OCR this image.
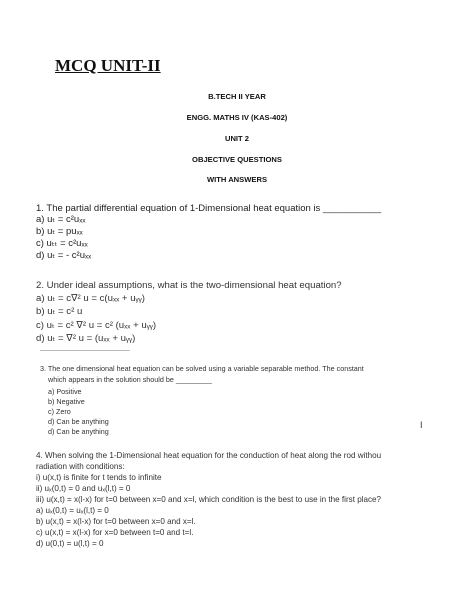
MCQ UNIT-II
B.TECH II YEAR
ENGG. MATHS IV (KAS-402)
UNIT 2
OBJECTIVE QUESTIONS
WITH ANSWERS
1. The partial differential equation of 1-Dimensional heat equation is ___________
a) uₜ = c²uₓₓ
b) uₜ = puₓₓ
c) uₜₜ = c²uₓₓ
d) uₜ = - c²uₓₓ
2. Under ideal assumptions, what is the two-dimensional heat equation?
a) uₜ = c∇² u = c(uₓₓ + uᵧᵧ)
b) uₜ = c² u
c) uₜ = c² ∇² u = c² (uₓₓ + uᵧᵧ)
d) uₜ = ∇² u = (uₓₓ + uᵧᵧ)
3. The one dimensional heat equation can be solved using a variable separable method. The constant
which appears in the solution should be _________
a) Positive
b) Negative
c) Zero
d) Can be anything
d) Can be anything
I
4. When solving the 1-Dimensional heat equation for the conduction of heat along the rod withou
radiation with conditions:
i) u(x,t) is finite for t tends to infinite
ii) uₓ(0,t) = 0 and uₓ(l,t) = 0
iii) u(x,t) = x(l-x) for t=0 between x=0 and x=l, which condition is the best to use in the first place?
a) uₓ(0,t) = uₓ(l,t) = 0
b) u(x,t) = x(l-x) for t=0 between x=0 and x=l.
c) u(x,t) = x(l-x) for x=0 between t=0 and t=l.
d) u(0,t) = u(l,t) = 0
